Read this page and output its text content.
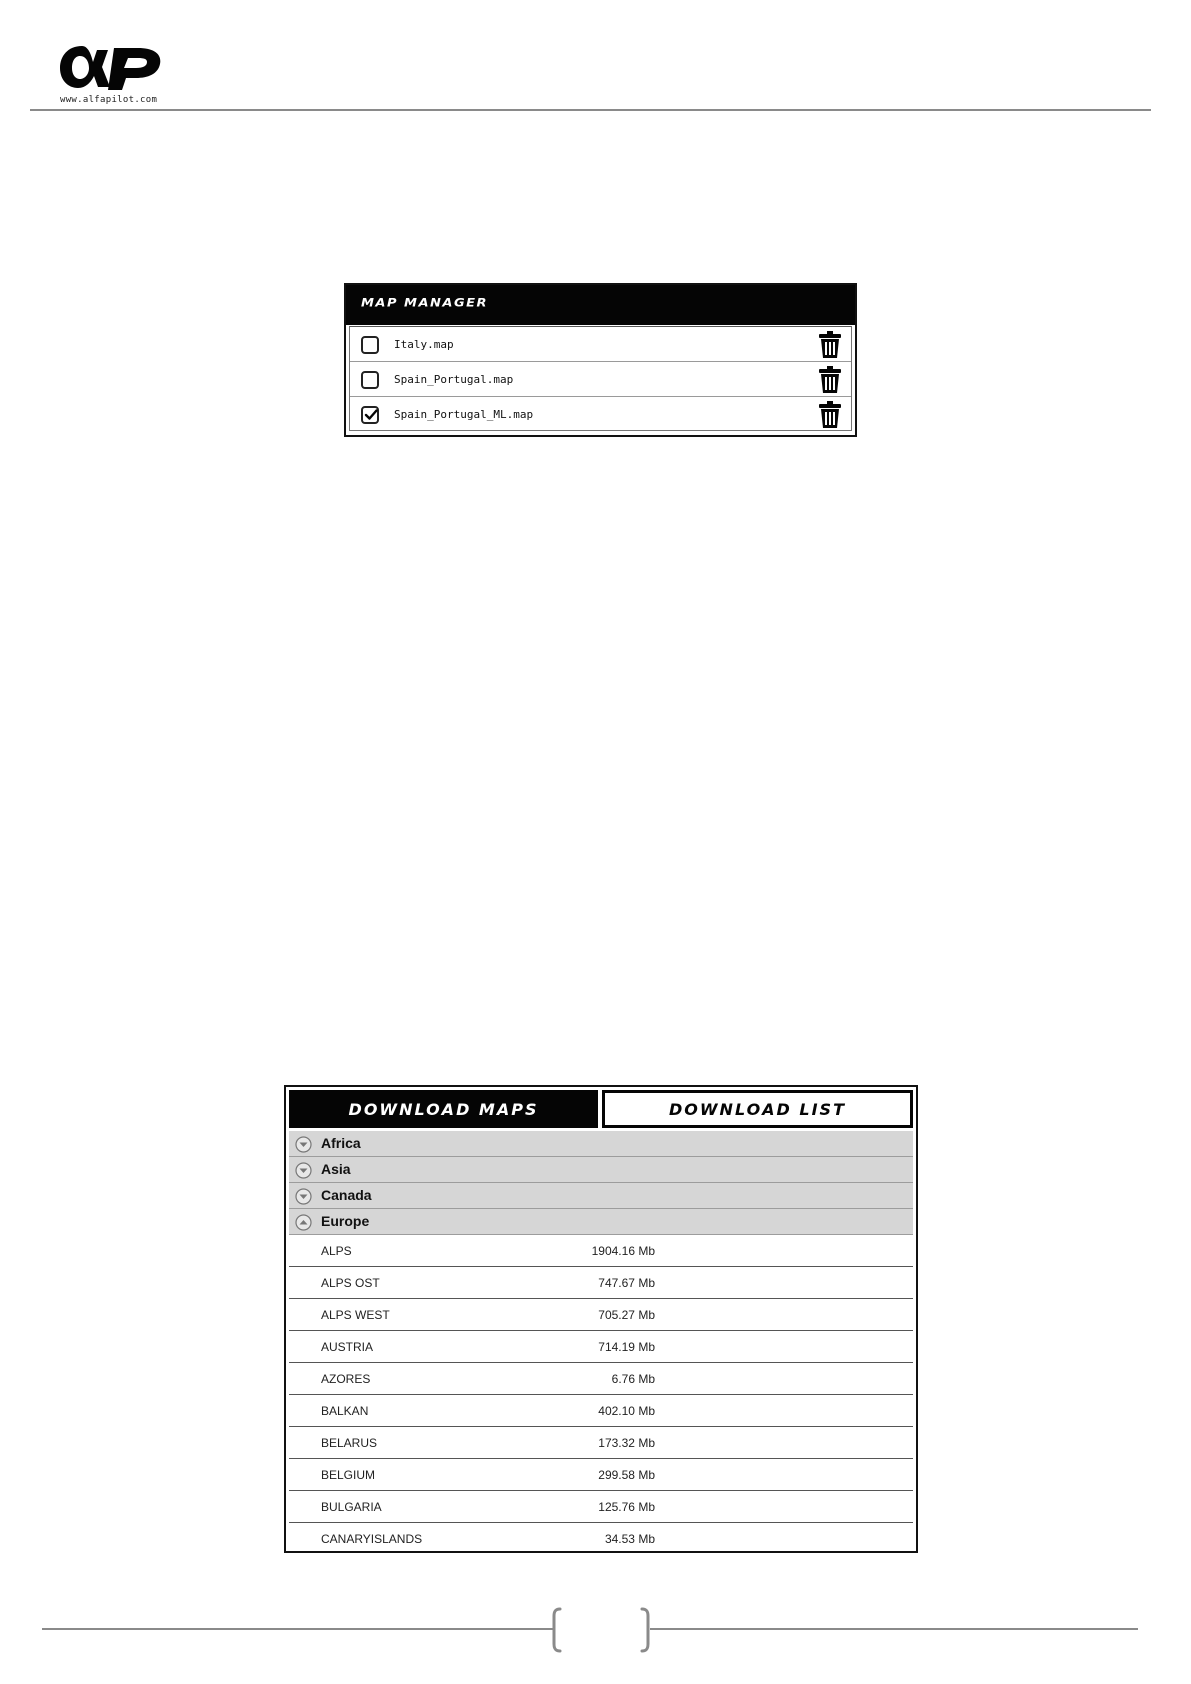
www.alfapilot.com
MAP MANAGER
Italy.map
Spain_Portugal.map
Spain_Portugal_ML.map
DOWNLOAD MAPS	DOWNLOAD LIST
Africa
Asia
Canada
Europe
ALPS	1904.16 Mb
ALPS OST	747.67 Mb
ALPS WEST	705.27 Mb
AUSTRIA	714.19 Mb
AZORES	6.76 Mb
BALKAN	402.10 Mb
BELARUS	173.32 Mb
BELGIUM	299.58 Mb
BULGARIA	125.76 Mb
CANARYISLANDS	34.53 Mb
